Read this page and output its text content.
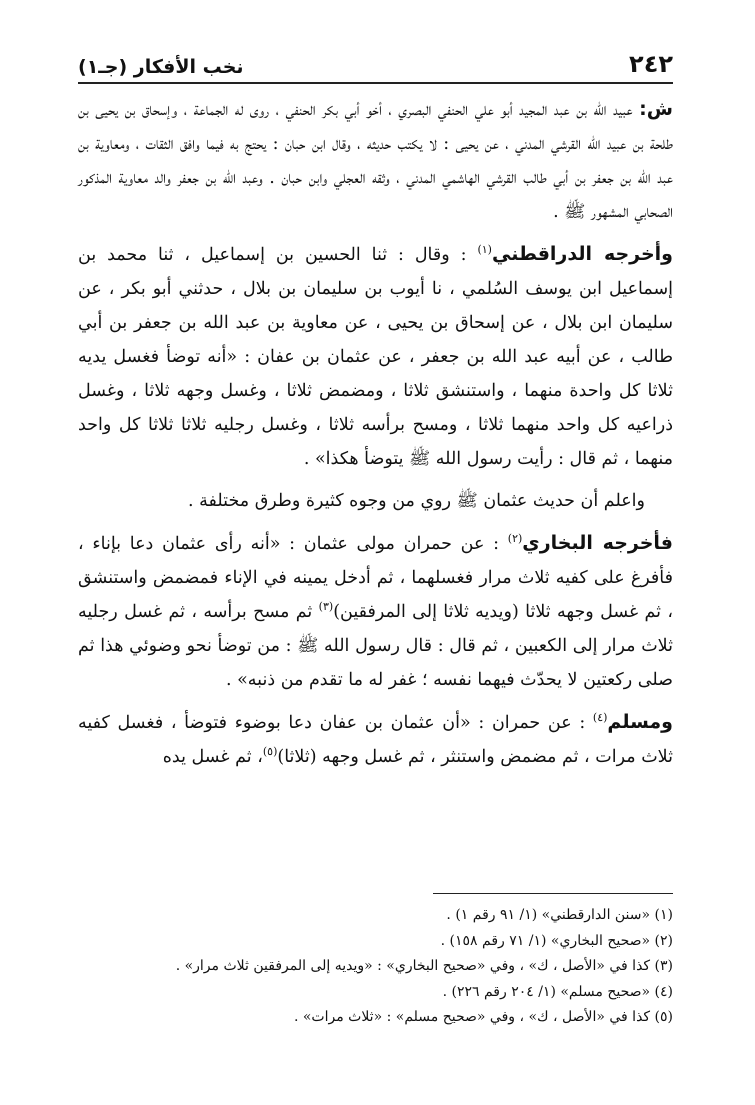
٢٤٢
نخب الأفكار (جـ١)

ش: عبيد الله بن عبد المجيد أبو علي الحنفي البصري ، أخو أبي بكر الحنفي ، روى له الجماعة ، وإسحاق بن يحيى بن طلحة بن عبيد الله القرشي المدني ، عن يحيى : لا يكتب حديثه ، وقال ابن حبان : يحتج به فيما وافق الثقات ، ومعاوية بن عبد الله بن جعفر بن أبي طالب القرشي الهاشمي المدني ، وثقه العجلي وابن حبان . وعبد الله بن جعفر والد معاوية المذكور الصحابي المشهور ﷺ .

وأخرجه الدراقطني$^{(١)}$ : وقال : ثنا الحسين بن إسماعيل ، ثنا محمد بن إسماعيل ابن يوسف السُلمي ، نا أيوب بن سليمان بن بلال ، حدثني أبو بكر ، عن سليمان ابن بلال ، عن إسحاق بن يحيى ، عن معاوية بن عبد الله بن جعفر بن أبي طالب ، عن أبيه عبد الله بن جعفر ، عن عثمان بن عفان : «أنه توضأ فغسل يديه ثلاثا كل واحدة منهما ، واستنشق ثلاثا ، ومضمض ثلاثا ، وغسل وجهه ثلاثا ، وغسل ذراعيه كل واحد منهما ثلاثا ، ومسح برأسه ثلاثا ، وغسل رجليه ثلاثا ثلاثا كل واحد منهما ، ثم قال : رأيت رسول الله ﷺ يتوضأ هكذا» .

واعلم أن حديث عثمان ﷺ روي من وجوه كثيرة وطرق مختلفة .

فأخرجه البخاري$^{(٢)}$ : عن حمران مولى عثمان : «أنه رأى عثمان دعا بإناء ، فأفرغ على كفيه ثلاث مرار فغسلهما ، ثم أدخل يمينه في الإناء فمضمض واستنشق ، ثم غسل وجهه ثلاثا (ويديه ثلاثا إلى المرفقين)$^{(٣)}$ ثم مسح برأسه ، ثم غسل رجليه ثلاث مرار إلى الكعبين ، ثم قال : قال رسول الله ﷺ : من توضأ نحو وضوئي هذا ثم صلى ركعتين لا يحدّث فيهما نفسه ؛ غفر له ما تقدم من ذنبه» .

ومسلم$^{(٤)}$ : عن حمران : «أن عثمان بن عفان دعا بوضوء فتوضأ ، فغسل كفيه ثلاث مرات ، ثم مضمض واستنثر ، ثم غسل وجهه (ثلاثا)$^{(٥)}$، ثم غسل يده

(١) «سنن الدارقطني» (١/ ٩١ رقم ١) .
(٢) «صحيح البخاري» (١/ ٧١ رقم ١٥٨) .
(٣) كذا في «الأصل ، ك» ، وفي «صحيح البخاري» : «ويديه إلى المرفقين ثلاث مرار» .
(٤) «صحيح مسلم» (١/ ٢٠٤ رقم ٢٢٦) .
(٥) كذا في «الأصل ، ك» ، وفي «صحيح مسلم» : «ثلاث مرات» .
